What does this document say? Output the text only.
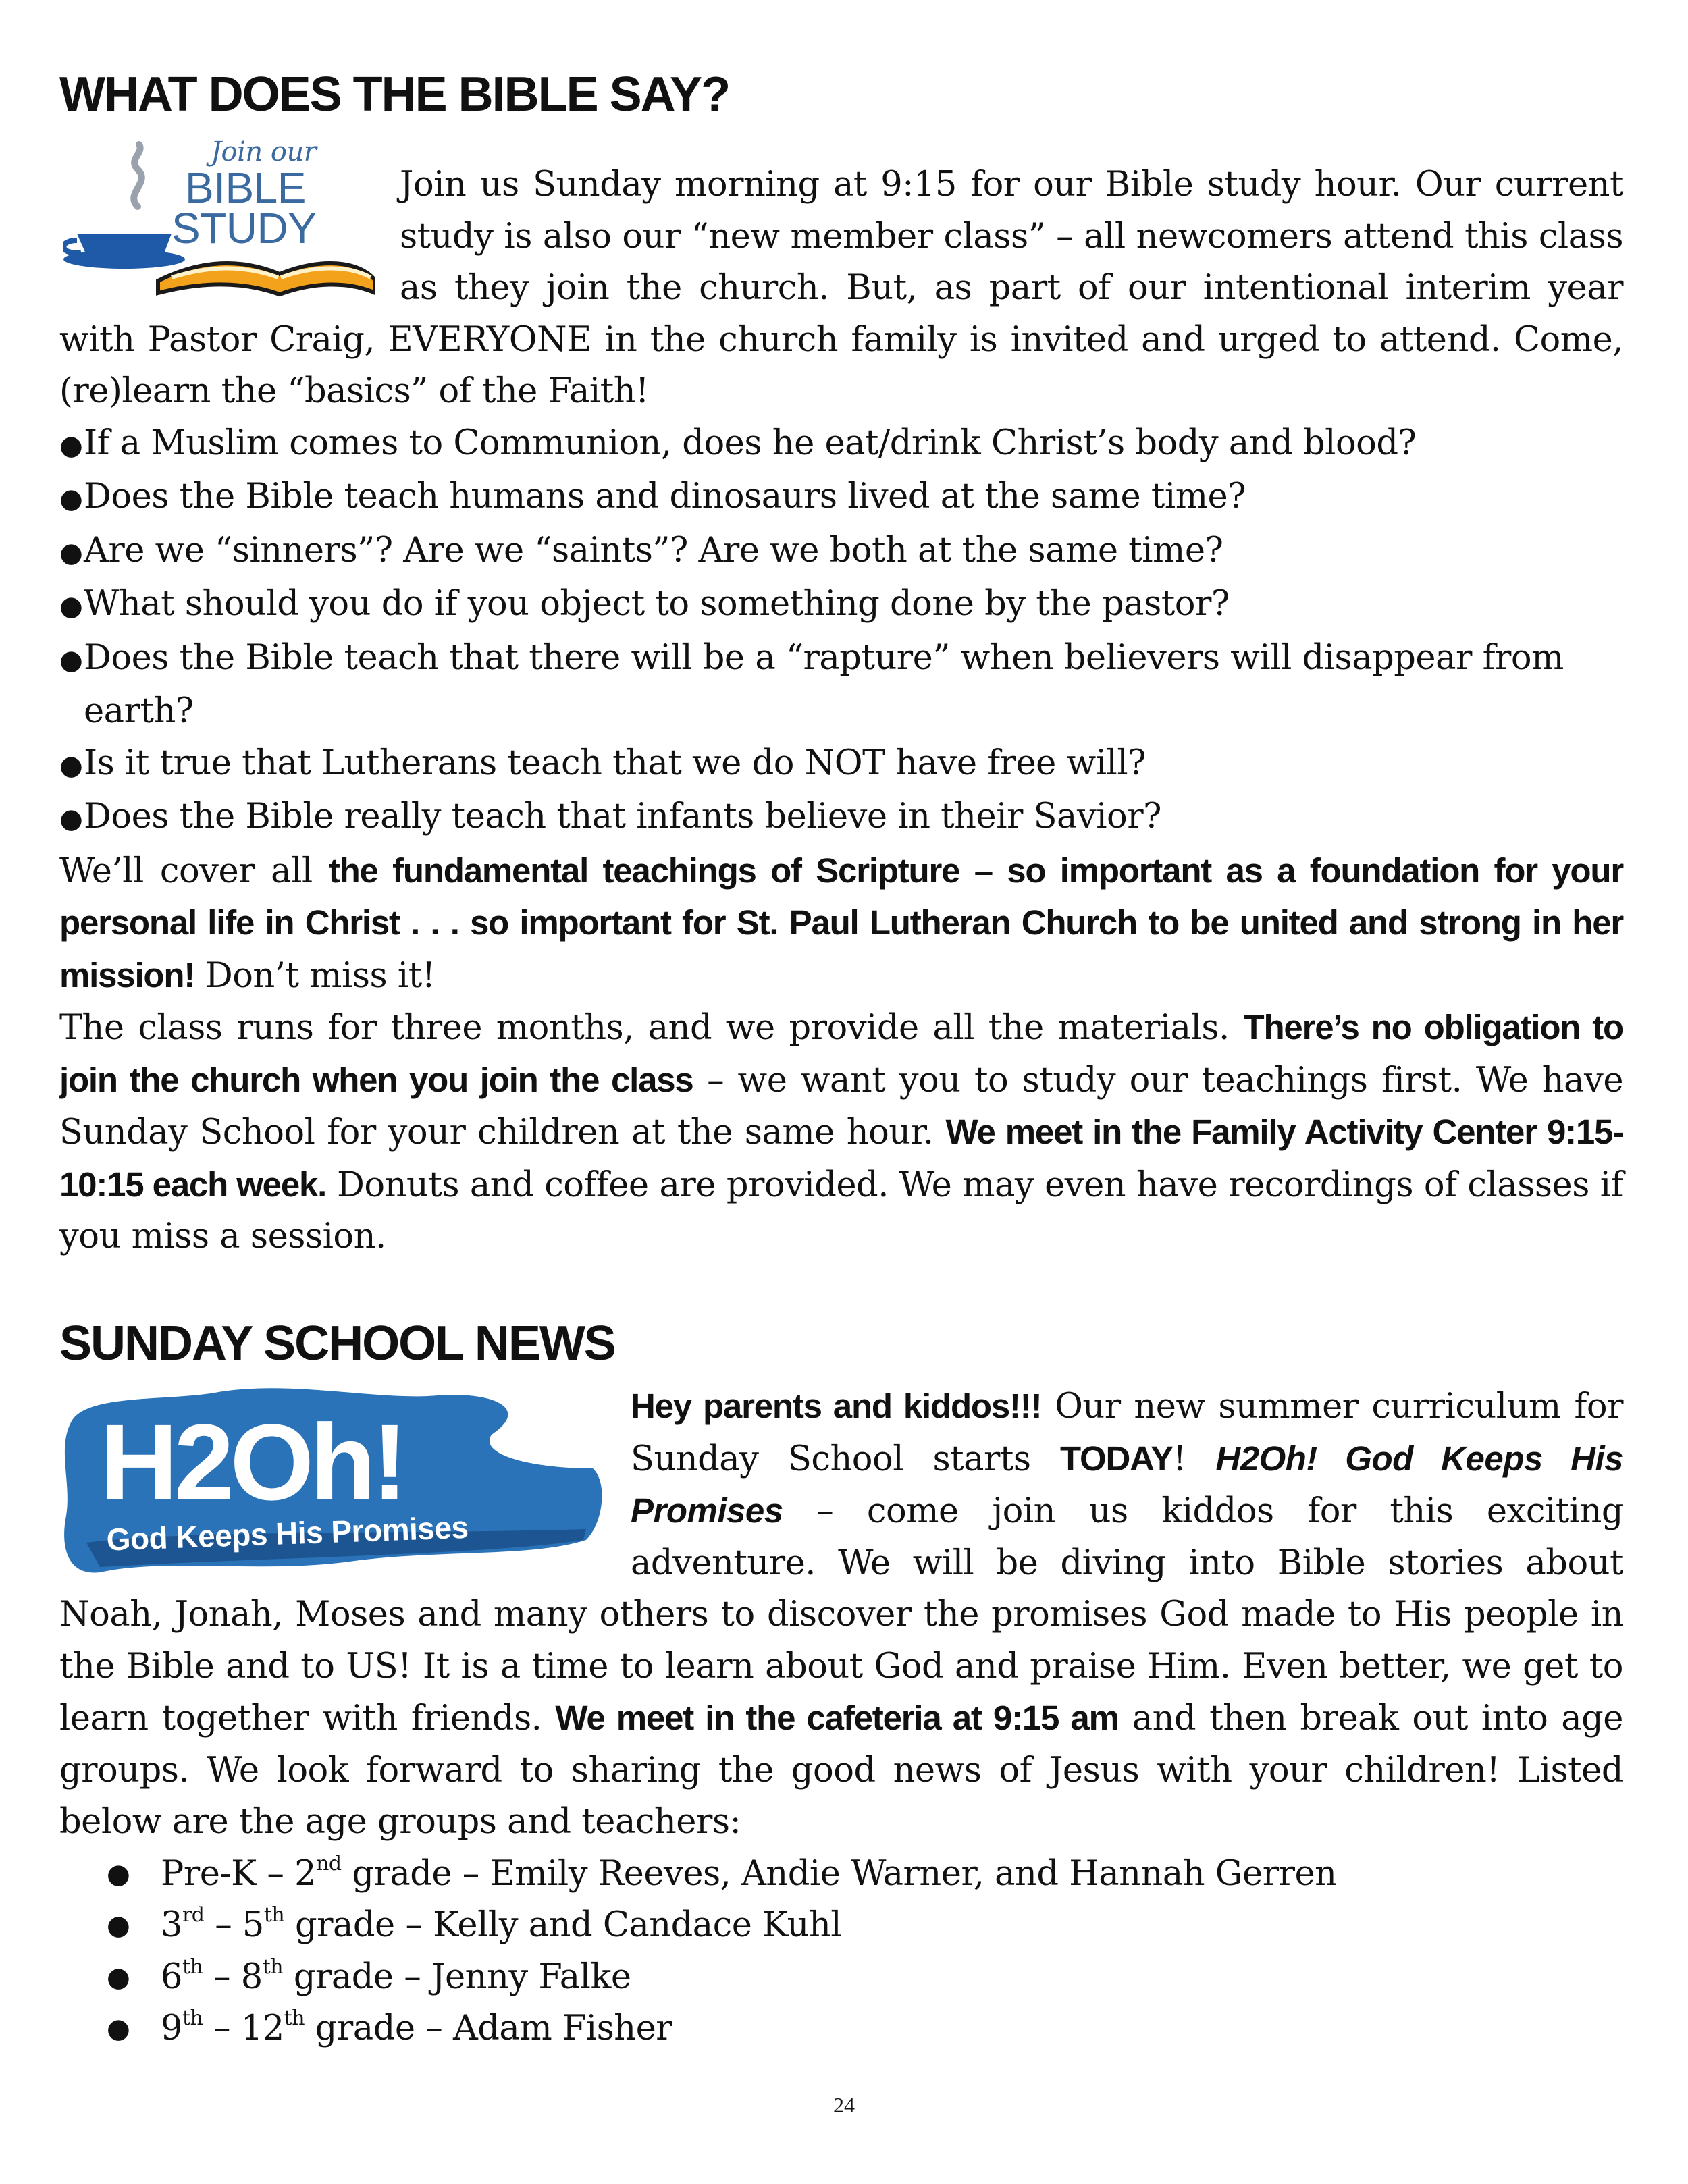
WHAT DOES THE BIBLE SAY?
Join our
BIBLE
STUDY
Join us Sunday morning at 9:15 for our Bible study hour. Our current study is also our “new member class” – all newcomers attend this class as they join the church. But, as part of our intentional interim year with Pastor Craig, EVERYONE in the church family is invited and urged to attend. Come, (re)learn the “basics” of the Faith!
●If a Muslim comes to Communion, does he eat/drink Christ’s body and blood?
●Does the Bible teach humans and dinosaurs lived at the same time?
●Are we “sinners”? Are we “saints”? Are we both at the same time?
●What should you do if you object to something done by the pastor?
●Does the Bible teach that there will be a “rapture” when believers will disappear from earth?
●Is it true that Lutherans teach that we do NOT have free will?
●Does the Bible really teach that infants believe in their Savior?
We’ll cover all the fundamental teachings of Scripture – so important as a foundation for your personal life in Christ . . . so important for St. Paul Lutheran Church to be united and strong in her mission! Don’t miss it!
The class runs for three months, and we provide all the materials. There’s no obligation to join the church when you join the class – we want you to study our teachings first. We have Sunday School for your children at the same hour. We meet in the Family Activity Center 9:15-10:15 each week. Donuts and coffee are provided. We may even have recordings of classes if you miss a session.
SUNDAY SCHOOL NEWS
H2Oh!
God Keeps His Promises
Hey parents and kiddos!!! Our new summer curriculum for Sunday School starts TODAY! H2Oh! God Keeps His Promises – come join us kiddos for this exciting adventure. We will be diving into Bible stories about Noah, Jonah, Moses and many others to discover the promises God made to His people in the Bible and to US! It is a time to learn about God and praise Him. Even better, we get to learn together with friends. We meet in the cafeteria at 9:15 am and then break out into age groups. We look forward to sharing the good news of Jesus with your children! Listed below are the age groups and teachers:
● Pre-K – 2nd grade – Emily Reeves, Andie Warner, and Hannah Gerren
● 3rd – 5th grade – Kelly and Candace Kuhl
● 6th – 8th grade – Jenny Falke
● 9th – 12th grade – Adam Fisher
24
